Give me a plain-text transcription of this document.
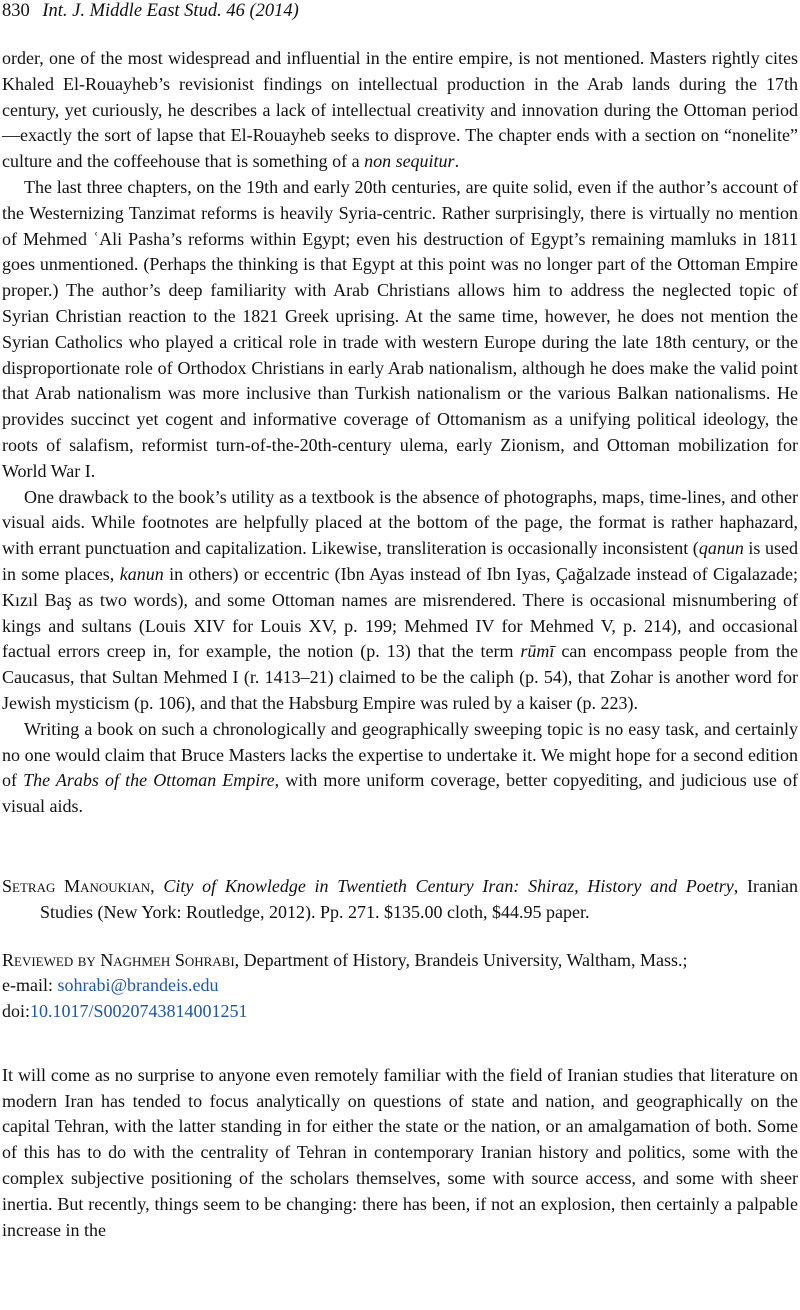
830 Int. J. Middle East Stud. 46 (2014)

order, one of the most widespread and influential in the entire empire, is not mentioned. Masters rightly cites Khaled El-Rouayheb’s revisionist findings on intellectual production in the Arab lands during the 17th century, yet curiously, he describes a lack of intellectual creativity and innovation during the Ottoman period—exactly the sort of lapse that El-Rouayheb seeks to disprove. The chapter ends with a section on “nonelite” culture and the coffeehouse that is something of a non sequitur.

The last three chapters, on the 19th and early 20th centuries, are quite solid, even if the author’s account of the Westernizing Tanzimat reforms is heavily Syria-centric. Rather surprisingly, there is virtually no mention of Mehmed ʿAli Pasha’s reforms within Egypt; even his destruction of Egypt’s remaining mamluks in 1811 goes unmentioned. (Perhaps the thinking is that Egypt at this point was no longer part of the Ottoman Empire proper.) The author’s deep familiarity with Arab Christians allows him to address the neglected topic of Syrian Christian reaction to the 1821 Greek uprising. At the same time, however, he does not mention the Syrian Catholics who played a critical role in trade with western Europe during the late 18th century, or the disproportionate role of Orthodox Christians in early Arab nationalism, although he does make the valid point that Arab nationalism was more inclusive than Turkish nationalism or the various Balkan nationalisms. He provides succinct yet cogent and informative coverage of Ottomanism as a unifying political ideology, the roots of salafism, reformist turn-of-the-20th-century ulema, early Zionism, and Ottoman mobilization for World War I.

One drawback to the book’s utility as a textbook is the absence of photographs, maps, time-lines, and other visual aids. While footnotes are helpfully placed at the bottom of the page, the format is rather haphazard, with errant punctuation and capitalization. Likewise, transliteration is occasionally inconsistent (qanun is used in some places, kanun in others) or eccentric (Ibn Ayas instead of Ibn Iyas, Çağalzade instead of Cigalazade; Kızıl Baş as two words), and some Ottoman names are misrendered. There is occasional misnumbering of kings and sultans (Louis XIV for Louis XV, p. 199; Mehmed IV for Mehmed V, p. 214), and occasional factual errors creep in, for example, the notion (p. 13) that the term rūmī can encompass people from the Caucasus, that Sultan Mehmed I (r. 1413–21) claimed to be the caliph (p. 54), that Zohar is another word for Jewish mysticism (p. 106), and that the Habsburg Empire was ruled by a kaiser (p. 223).

Writing a book on such a chronologically and geographically sweeping topic is no easy task, and certainly no one would claim that Bruce Masters lacks the expertise to undertake it. We might hope for a second edition of The Arabs of the Ottoman Empire, with more uniform coverage, better copyediting, and judicious use of visual aids.

Setrag Manoukian, City of Knowledge in Twentieth Century Iran: Shiraz, History and Poetry, Iranian Studies (New York: Routledge, 2012). Pp. 271. $135.00 cloth, $44.95 paper.

Reviewed by Naghmeh Sohrabi, Department of History, Brandeis University, Waltham, Mass.;
e-mail: sohrabi@brandeis.edu

doi:10.1017/S0020743814001251

It will come as no surprise to anyone even remotely familiar with the field of Iranian studies that literature on modern Iran has tended to focus analytically on questions of state and nation, and geographically on the capital Tehran, with the latter standing in for either the state or the nation, or an amalgamation of both. Some of this has to do with the centrality of Tehran in contemporary Iranian history and politics, some with the complex subjective positioning of the scholars themselves, some with source access, and some with sheer inertia. But recently, things seem to be changing: there has been, if not an explosion, then certainly a palpable increase in the
